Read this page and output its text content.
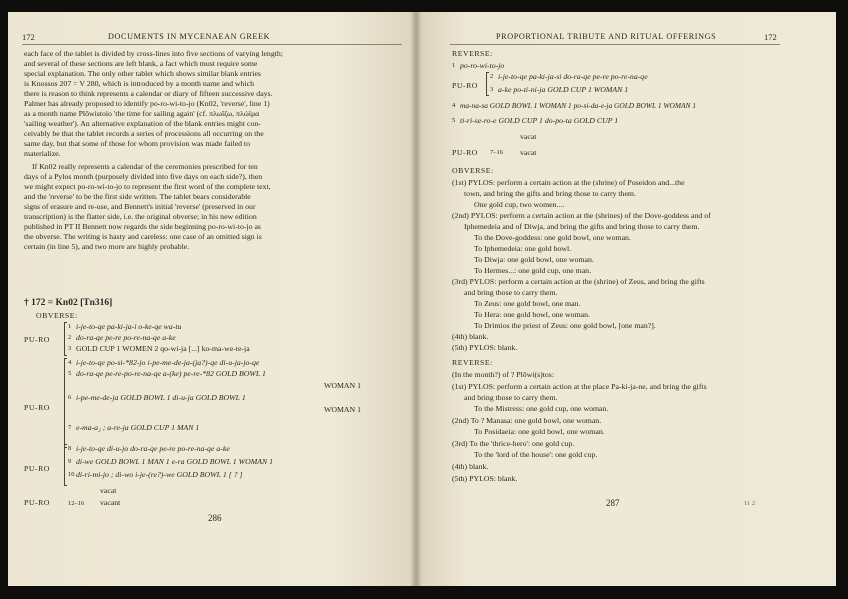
172	DOCUMENTS IN MYCENAEAN GREEK
each face of the tablet is divided by cross-lines into five sections of varying length;
and several of these sections are left blank, a fact which must require some
special explanation. The only other tablet which shows similar blank entries
is Knossos 207 = V 280, which is introduced by a month name and which
there is reason to think represents a calendar or diary of fifteen successive days.
Palmer has already proposed to identify po-ro-wi-to-jo (Kn02, 'reverse', line 1)
as a month name Plōwistoio 'the time for sailing again' (cf. πλωΐζω, πλώϊμα
'sailing weather'). An alternative explanation of the blank entries might con-
ceivably be that the tablet records a series of processions all occurring on the
same day, but that some of those for whom provision was made failed to
materialize.
If Kn02 really represents a calendar of the ceremonies prescribed for ten
days of a Pylos month (purposely divided into five days on each side?), then
we might expect po-ro-wi-to-jo to represent the first word of the complete text,
and the 'reverse' to be the first side written. The tablet bears considerable
signs of erasure and re-use, and Bennett's initial 'reverse' (preserved in our
transcription) is the flatter side, i.e. the original obverse; in his new edition
published in PT II Bennett now regards the side beginning po-ro-wi-to-jo as
the obverse. The writing is hasty and careless: one case of an omitted sign is
certain (in line 5), and two more are highly probable.
† 172 = Kn02 [Tn316]
OBVERSE:
PU-RO
1 i-je-to-qe pa-ki-ja-i o-ke-qe wa-tu
2 do-ra-qe pe-re po-re-na-qe a-ke
3 GOLD CUP 1 WOMEN 2 qo-wi-ja [...] ko-ma-we-te-ja
PU-RO
4 i-je-to-qe po-si-*82-jo i-pe-me-de-ja-(ja?)-qe di-u-ja-jo-qe
5 do-ra-qe pe-re-po-re-na-qe a-(ke) pe-re-*82 GOLD BOWL 1
WOMAN 1
6 i-pe-me-de-ja GOLD BOWL 1 di-u-ja GOLD BOWL 1
WOMAN 1
7 e-ma-a₂ ; a-re-ja GOLD CUP 1 MAN 1
PU-RO
8 i-je-to-qe di-u-jo do-ra-qe pe-re po-re-na-qe a-ke
9 di-we GOLD BOWL 1 MAN 1 e-ra GOLD BOWL 1 WOMAN 1
10 di-ri-mi-jo ; di-wo i-je-(re?)-we GOLD BOWL 1 [ ? ]
vacat
PU-RO	12–16 vacant
286
PROPORTIONAL TRIBUTE AND RITUAL OFFERINGS	172
REVERSE:
1 po-ro-wi-to-jo
PU-RO
2 i-je-to-qe pa-ki-ja-si do-ra-qe pe-re po-re-na-qe
3 a-ke po-ti-ni-ja GOLD CUP 1 WOMAN 1
4 ma-na-sa GOLD BOWL 1 WOMAN 1 po-si-da-e-ja GOLD BOWL 1 WOMAN 1
5 ti-ri-se-ro-e GOLD CUP 1 do-po-ta GOLD CUP 1
vacat
PU-RO 7–16 vacat
OBVERSE:
(1st) PYLOS: perform a certain action at the (shrine) of Poseidon and...the
town, and bring the gifts and bring those to carry them.
One gold cup, two women....
(2nd) PYLOS: perform a certain action at the (shrines) of the Dove-goddess and of
Iphemedeia and of Diwja, and bring the gifts and bring those to carry them.
To the Dove-goddess: one gold bowl, one woman.
To Iphemedeia: one gold bowl.
To Diwja: one gold bowl, one woman.
To Hermes...: one gold cup, one man.
(3rd) PYLOS: perform a certain action at the (shrine) of Zeus, and bring the gifts
and bring those to carry them.
To Zeus: one gold bowl, one man.
To Hera: one gold bowl, one woman.
To Drimios the priest of Zeus: one gold bowl, [one man?].
(4th) blank.
(5th) PYLOS: blank.
REVERSE:
(In the month?) of ? Plōwi(s)tos:
(1st) PYLOS: perform a certain action at the place Pa-ki-ja-ne, and bring the gifts
and bring those to carry them.
To the Mistress: one gold cup, one woman.
(2nd) To ? Manasa: one gold bowl, one woman.
To Posidaeia: one gold bowl, one woman.
(3rd) To the 'thrice-hero': one gold cup.
To the 'lord of the house': one gold cup.
(4th) blank.
(5th) PYLOS: blank.
287	11 2
